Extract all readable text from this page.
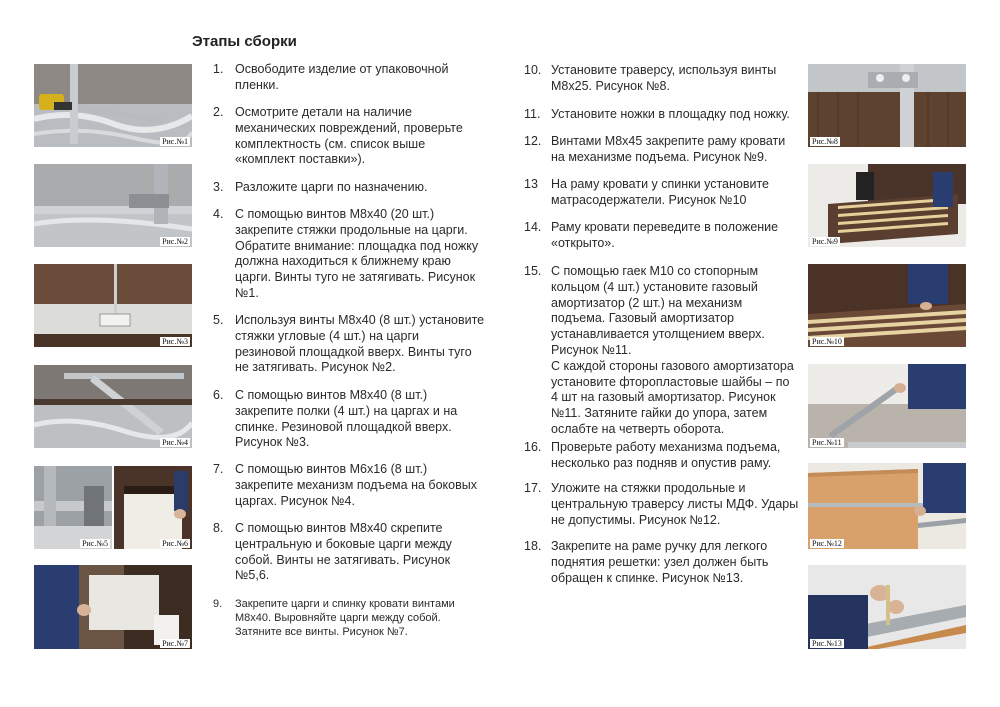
Этапы сборки
Рис.№1
Рис.№2
Рис.№3
Рис.№4
Рис.№5	Рис.№6
Рис.№7
Рис.№8
Рис.№9
Рис.№10
Рис.№11
Рис.№12
Рис.№13
1. Освободите изделие от упаковочной
пленки.
2. Осмотрите детали на наличие
механических повреждений, проверьте
комплектность (см. список выше
«комплект поставки»).
3. Разложите царги по назначению.
4. С помощью винтов М8х40 (20 шт.)
закрепите стяжки продольные на царги.
Обратите внимание: площадка под ножку
должна находиться к ближнему краю
царги. Винты туго не затягивать. Рисунок
№1.
5. Используя винты М8х40 (8 шт.) установите
стяжки угловые (4 шт.) на царги
резиновой площадкой вверх. Винты туго
не затягивать. Рисунок №2.
6. С помощью винтов М8х40 (8 шт.)
закрепите полки (4 шт.) на царгах и на
спинке. Резиновой площадкой вверх.
Рисунок №3.
7. С помощью винтов М6х16 (8 шт.)
закрепите механизм подъема на боковых
царгах. Рисунок №4.
8. С помощью винтов М8х40 скрепите
центральную и боковые царги между
собой. Винты не затягивать. Рисунок
№5,6.
9.	Закрепите царги и спинку кровати винтами
М8х40. Выровняйте царги между собой.
Затяните все винты. Рисунок №7.
10. Установите траверсу, используя винты
М8х25. Рисунок №8.
11. Установите ножки в площадку под ножку.
12. Винтами М8х45 закрепите раму кровати
на механизме подъема. Рисунок №9.
13	На раму кровати у спинки установите
матрасодержатели. Рисунок №10
14. Раму кровати переведите в положение
«открыто».
15. С помощью гаек М10 со стопорным
кольцом (4 шт.) установите газовый
амортизатор (2 шт.) на механизм
подъема. Газовый амортизатор
устанавливается утолщением вверх.
Рисунок №11.
С каждой стороны газового амортизатора
установите фторопластовые шайбы – по
4 шт на газовый амортизатор. Рисунок
№11. Затяните гайки до упора, затем
ослабте на четверть оборота.
16. Проверьте работу механизма подъема,
несколько раз подняв и опустив раму.
17. Уложите на стяжки продольные и
центральную траверсу листы МДФ. Удары
не допустимы. Рисунок №12.
18. Закрепите на раме ручку для легкого
поднятия решетки: узел должен быть
обращен к спинке. Рисунок №13.
